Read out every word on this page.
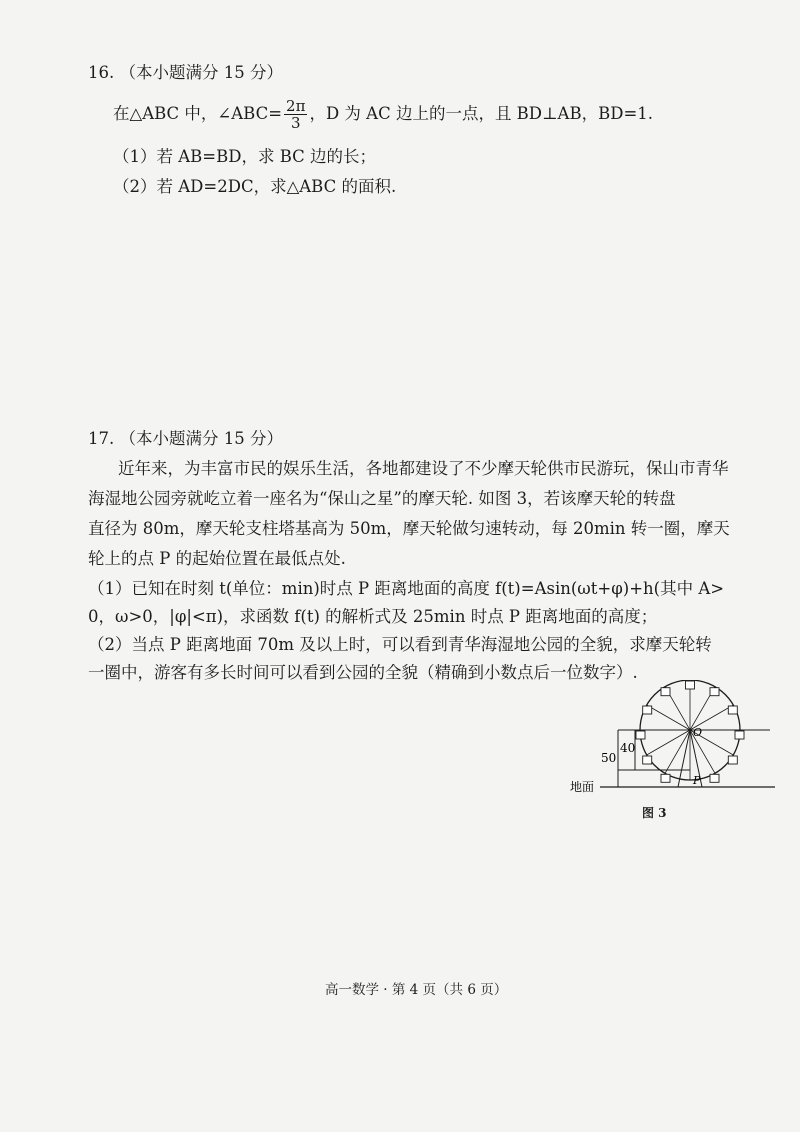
16. （本小题满分 15 分）
在△ABC 中，∠ABC= $\frac{2\pi}{3}$ ，D 为 AC 边上的一点，且 BD⊥AB，BD=1.
（1）若 AB=BD，求 BC 边的长；
（2）若 AD=2DC，求△ABC 的面积.
17. （本小题满分 15 分）
近年来，为丰富市民的娱乐生活，各地都建设了不少摩天轮供市民游玩，保山市青华
海湿地公园旁就屹立着一座名为“保山之星”的摩天轮. 如图 3，若该摩天轮的转盘
直径为 80m，摩天轮支柱塔基高为 50m，摩天轮做匀速转动，每 20min 转一圈，摩天
轮上的点 P 的起始位置在最低点处.
（1）已知在时刻 t(单位：min)时点 P 距离地面的高度 f(t)=Asin(ωt+φ)+h(其中 A>
0，ω>0，|φ|<π)，求函数 f(t) 的解析式及 25min 时点 P 距离地面的高度；
（2）当点 P 距离地面 70m 及以上时，可以看到青华海湿地公园的全貌，求摩天轮转
一圈中，游客有多长时间可以看到公园的全貌（精确到小数点后一位数字）.
50
40
地面
O
P
图 3
高一数学 · 第 4 页（共 6 页）
